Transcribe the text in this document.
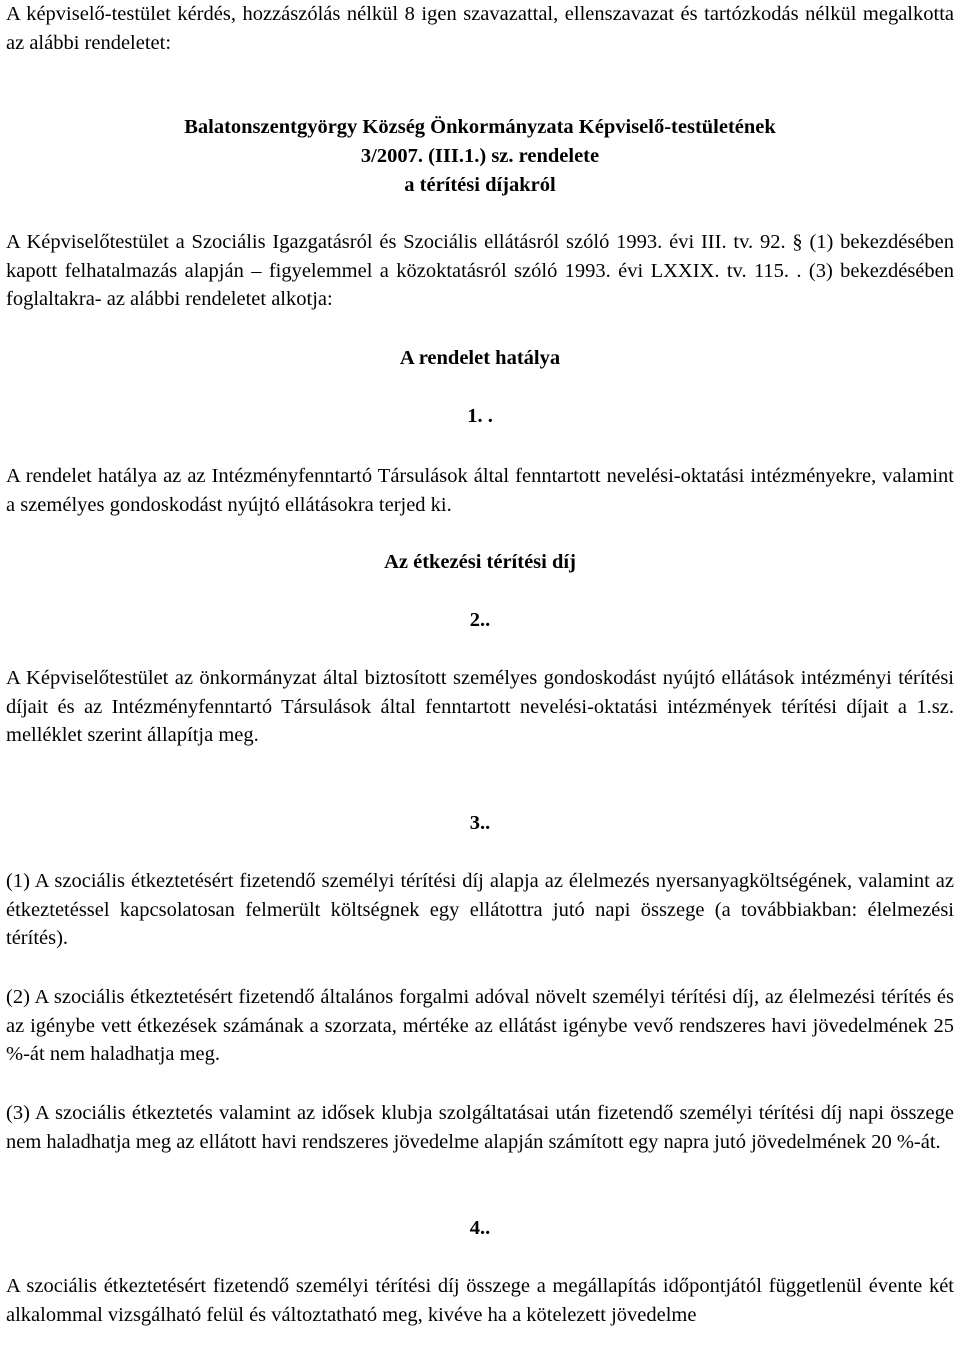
A képviselő-testület kérdés, hozzászólás nélkül 8 igen szavazattal, ellenszavazat és tartózkodás nélkül megalkotta az alábbi rendeletet:

Balatonszentgyörgy Község Önkormányzata Képviselő-testületének

3/2007. (III.1.) sz. rendelete

a térítési díjakról

A Képviselőtestület a Szociális Igazgatásról és Szociális ellátásról szóló 1993. évi III. tv. 92. § (1) bekezdésében kapott felhatalmazás alapján – figyelemmel a közoktatásról szóló 1993. évi LXXIX. tv. 115. . (3) bekezdésében foglaltakra- az alábbi rendeletet alkotja:

A rendelet hatálya

1. .

A rendelet hatálya az az Intézményfenntartó Társulások által fenntartott nevelési-oktatási intézményekre, valamint a személyes gondoskodást nyújtó ellátásokra terjed ki.

Az étkezési térítési díj

2..

A Képviselőtestület az önkormányzat által biztosított személyes gondoskodást nyújtó ellátások intézményi térítési díjait és az Intézményfenntartó Társulások által fenntartott nevelési-oktatási intézmények térítési díjait a 1.sz. melléklet szerint állapítja meg.

3..

(1) A szociális étkeztetésért fizetendő személyi térítési díj alapja az élelmezés nyersanyagköltségének, valamint az étkeztetéssel kapcsolatosan felmerült költségnek egy ellátottra jutó napi összege (a továbbiakban: élelmezési térítés).

(2) A szociális étkeztetésért fizetendő általános forgalmi adóval növelt személyi térítési díj, az élelmezési térítés és az igénybe vett étkezések számának a szorzata, mértéke az ellátást igénybe vevő rendszeres havi jövedelmének 25 %-át nem haladhatja meg.

(3) A szociális étkeztetés valamint az idősek klubja szolgáltatásai után fizetendő személyi térítési díj napi összege nem haladhatja meg az ellátott havi rendszeres jövedelme alapján számított egy napra jutó jövedelmének 20 %-át.

4..

A szociális étkeztetésért fizetendő személyi térítési díj összege a megállapítás időpontjától függetlenül évente két alkalommal vizsgálható felül és változtatható meg, kivéve ha a kötelezett jövedelme
